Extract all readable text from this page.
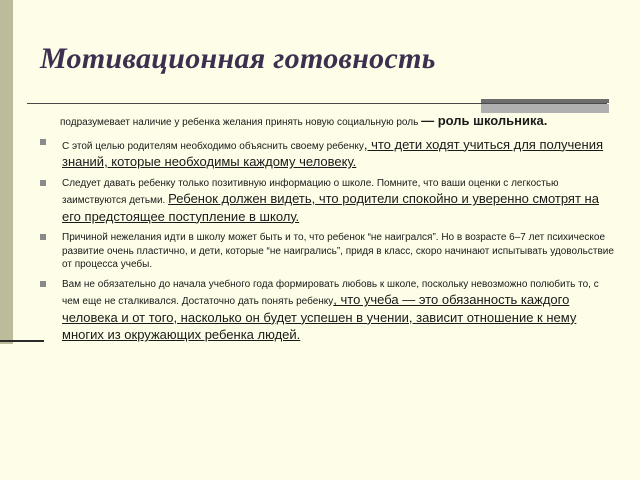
Мотивационная готовность

подразумевает наличие у ребенка желания принять новую социальную роль — роль школьника.

С этой целью родителям необходимо объяснить своему ребенку, что дети ходят учиться для получения знаний, которые необходимы каждому человеку.
Следует давать ребенку только позитивную информацию о школе. Помните, что ваши оценки с легкостью заимствуются детьми. Ребенок должен видеть, что родители спокойно и уверенно смотрят на его предстоящее поступление в школу.
Причиной нежелания идти в школу может быть и то, что ребенок “не наигрался”. Но в возрасте 6–7 лет психическое развитие очень пластично, и дети, которые “не наигрались”, придя в класс, скоро начинают испытывать удовольствие от процесса учебы.
Вам не обязательно до начала учебного года формировать любовь к школе, поскольку невозможно полюбить то, с чем еще не сталкивался. Достаточно дать понять ребенку, что учеба — это обязанность каждого человека и от того, насколько он будет успешен в учении, зависит отношение к нему многих из окружающих ребенка людей.
